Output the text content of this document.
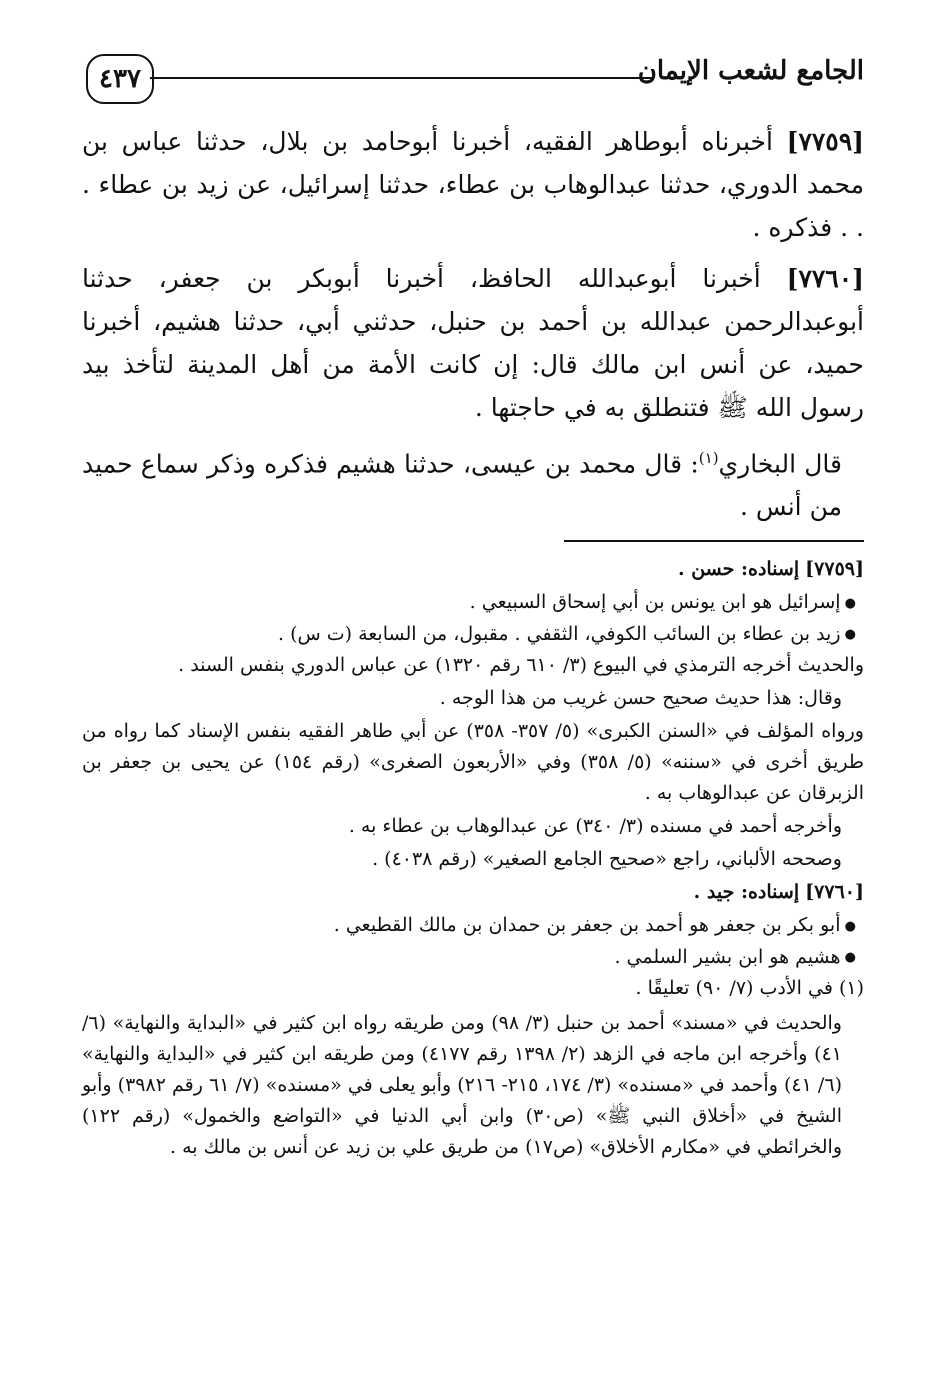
٤٣٧	الجامع لشعب الإيمان

[٧٧٥٩] أخبرناه أبوطاهر الفقيه، أخبرنا أبوحامد بن بلال، حدثنا عباس بن محمد الدوري، حدثنا عبدالوهاب بن عطاء، حدثنا إسرائيل، عن زيد بن عطاء . . . فذكره .

[٧٧٦٠] أخبرنا أبوعبدالله الحافظ، أخبرنا أبوبكر بن جعفر، حدثنا أبوعبدالرحمن عبدالله بن أحمد بن حنبل، حدثني أبي، حدثنا هشيم، أخبرنا حميد، عن أنس ابن مالك قال: إن كانت الأمة من أهل المدينة لتأخذ بيد رسول الله ﷺ فتنطلق به في حاجتها .

قال البخاري$^{(١)}$: قال محمد بن عيسى، حدثنا هشيم فذكره وذكر سماع حميد من أنس .

[٧٧٥٩] إسناده: حسن .

● إسرائيل هو ابن يونس بن أبي إسحاق السبيعي .
● زيد بن عطاء بن السائب الكوفي، الثقفي . مقبول، من السابعة (ت س) .

والحديث أخرجه الترمذي في البيوع (٣/ ٦١٠ رقم ١٣٢٠) عن عباس الدوري بنفس السند .

وقال: هذا حديث صحيح حسن غريب من هذا الوجه .

ورواه المؤلف في «السنن الكبرى» (٥/ ٣٥٧- ٣٥٨) عن أبي طاهر الفقيه بنفس الإسناد كما رواه من طريق أخرى في «سننه» (٥/ ٣٥٨) وفي «الأربعون الصغرى» (رقم ١٥٤) عن يحيى بن جعفر بن الزبرقان عن عبدالوهاب به .

وأخرجه أحمد في مسنده (٣/ ٣٤٠) عن عبدالوهاب بن عطاء به .

وصححه الألباني، راجع «صحيح الجامع الصغير» (رقم ٤٠٣٨) .

[٧٧٦٠] إسناده: جيد .

● أبو بكر بن جعفر هو أحمد بن جعفر بن حمدان بن مالك القطيعي .
● هشيم هو ابن بشير السلمي .

(١) في الأدب (٧/ ٩٠) تعليقًا .

والحديث في «مسند» أحمد بن حنبل (٣/ ٩٨) ومن طريقه رواه ابن كثير في «البداية والنهاية» (٦/ ٤١) وأخرجه ابن ماجه في الزهد (٢/ ١٣٩٨ رقم ٤١٧٧) ومن طريقه ابن كثير في «البداية والنهاية» (٦/ ٤١) وأحمد في «مسنده» (٣/ ١٧٤، ٢١٥- ٢١٦) وأبو يعلى في «مسنده» (٧/ ٦١ رقم ٣٩٨٢) وأبو الشيخ في «أخلاق النبي ﷺ» (ص٣٠) وابن أبي الدنيا في «التواضع والخمول» (رقم ١٢٢) والخرائطي في «مكارم الأخلاق» (ص١٧) من طريق علي بن زيد عن أنس بن مالك به .
